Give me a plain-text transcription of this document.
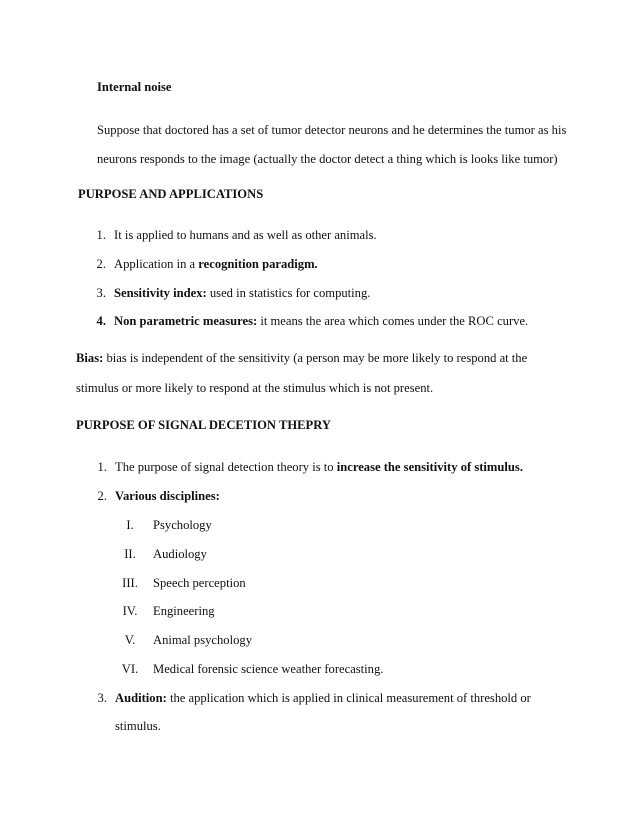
Internal noise
Suppose that doctored has a set of tumor detector neurons and he determines the tumor as his
neurons responds to the image (actually the doctor detect a thing which is looks like tumor)
PURPOSE AND APPLICATIONS
1. It is applied to humans and as well as other animals.
2. Application in a recognition paradigm.
3. Sensitivity index: used in statistics for computing.
4. Non parametric measures: it means the area which comes under the ROC curve.
Bias: bias is independent of the sensitivity (a person may be more likely to respond at the
stimulus or more likely to respond at the stimulus which is not present.
PURPOSE OF SIGNAL DECETION THEPRY
1. The purpose of signal detection theory is to increase the sensitivity of stimulus.
2. Various disciplines:
I.	Psychology
II.	Audiology
III.	Speech perception
IV.	Engineering
V.	Animal psychology
VI.	Medical forensic science weather forecasting.
3. Audition: the application which is applied in clinical measurement of threshold or
stimulus.
